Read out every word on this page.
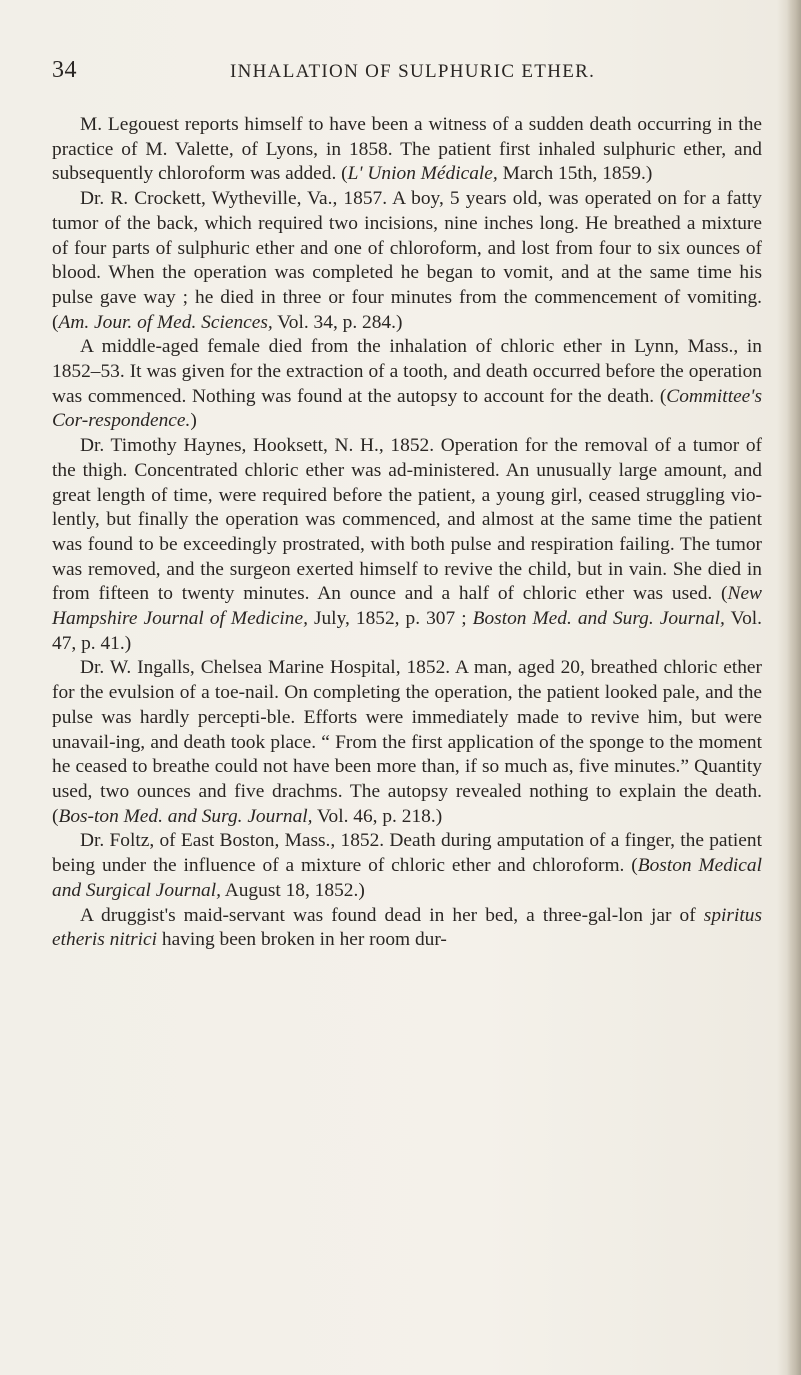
34	INHALATION OF SULPHURIC ETHER.

M. Legouest reports himself to have been a witness of a sudden death occurring in the practice of M. Valette, of Lyons, in 1858. The patient first inhaled sulphuric ether, and subsequently chloroform was added. (L' Union Médicale, March 15th, 1859.)

Dr. R. Crockett, Wytheville, Va., 1857. A boy, 5 years old, was operated on for a fatty tumor of the back, which required two incisions, nine inches long. He breathed a mixture of four parts of sulphuric ether and one of chloroform, and lost from four to six ounces of blood. When the operation was completed he began to vomit, and at the same time his pulse gave way ; he died in three or four minutes from the commencement of vomiting. (Am. Jour. of Med. Sciences, Vol. 34, p. 284.)

A middle-aged female died from the inhalation of chloric ether in Lynn, Mass., in 1852–53. It was given for the extraction of a tooth, and death occurred before the operation was commenced. Nothing was found at the autopsy to account for the death. (Committee's Cor-respondence.)

Dr. Timothy Haynes, Hooksett, N. H., 1852. Operation for the removal of a tumor of the thigh. Concentrated chloric ether was ad-ministered. An unusually large amount, and great length of time, were required before the patient, a young girl, ceased struggling vio-lently, but finally the operation was commenced, and almost at the same time the patient was found to be exceedingly prostrated, with both pulse and respiration failing. The tumor was removed, and the surgeon exerted himself to revive the child, but in vain. She died in from fifteen to twenty minutes. An ounce and a half of chloric ether was used. (New Hampshire Journal of Medicine, July, 1852, p. 307 ; Boston Med. and Surg. Journal, Vol. 47, p. 41.)

Dr. W. Ingalls, Chelsea Marine Hospital, 1852. A man, aged 20, breathed chloric ether for the evulsion of a toe-nail. On completing the operation, the patient looked pale, and the pulse was hardly percepti-ble. Efforts were immediately made to revive him, but were unavail-ing, and death took place. “ From the first application of the sponge to the moment he ceased to breathe could not have been more than, if so much as, five minutes.” Quantity used, two ounces and five drachms. The autopsy revealed nothing to explain the death. (Bos-ton Med. and Surg. Journal, Vol. 46, p. 218.)

Dr. Foltz, of East Boston, Mass., 1852. Death during amputation of a finger, the patient being under the influence of a mixture of chloric ether and chloroform. (Boston Medical and Surgical Journal, August 18, 1852.)

A druggist's maid-servant was found dead in her bed, a three-gal-lon jar of spiritus etheris nitrici having been broken in her room dur-
